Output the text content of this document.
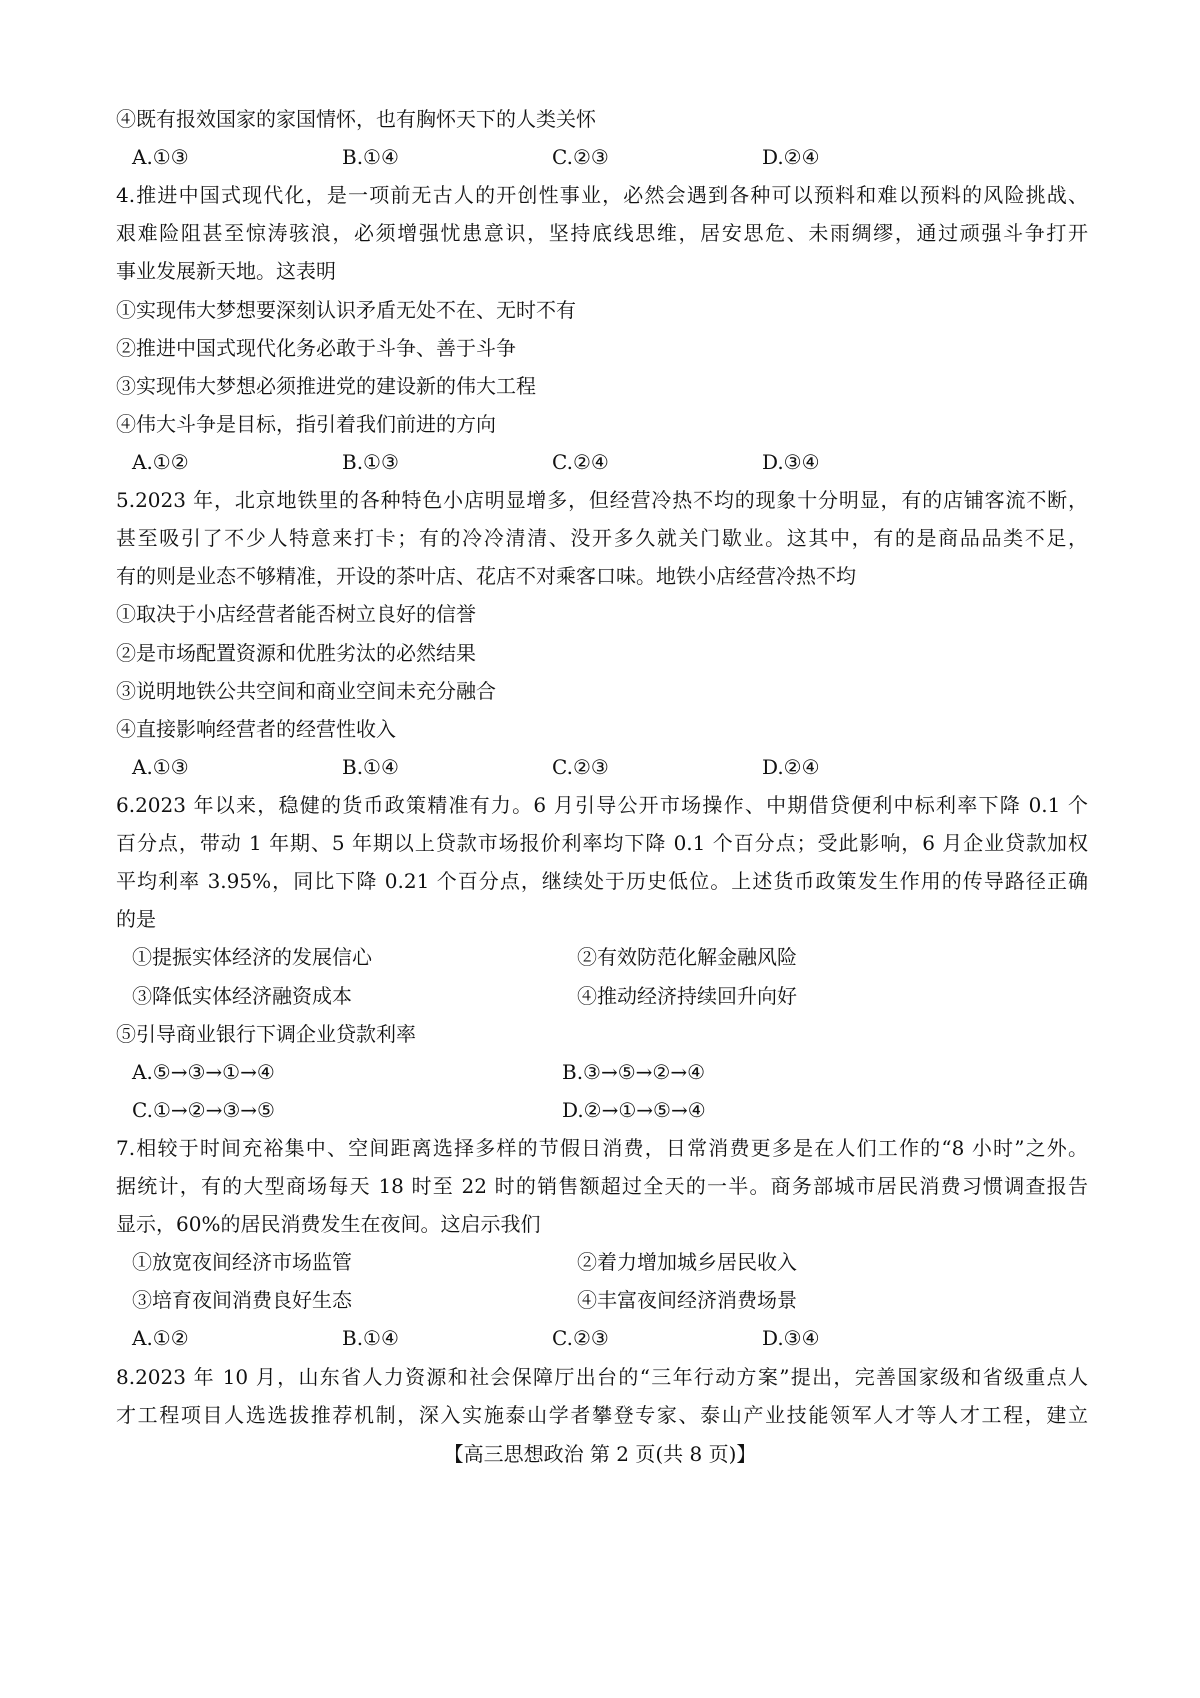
④既有报效国家的家国情怀，也有胸怀天下的人类关怀
A.①③	B.①④	C.②③	D.②④
4.推进中国式现代化，是一项前无古人的开创性事业，必然会遇到各种可以预料和难以预料的风险挑战、
艰难险阻甚至惊涛骇浪，必须增强忧患意识，坚持底线思维，居安思危、未雨绸缪，通过顽强斗争打开
事业发展新天地。这表明
①实现伟大梦想要深刻认识矛盾无处不在、无时不有
②推进中国式现代化务必敢于斗争、善于斗争
③实现伟大梦想必须推进党的建设新的伟大工程
④伟大斗争是目标，指引着我们前进的方向
A.①②	B.①③	C.②④	D.③④
5.2023 年，北京地铁里的各种特色小店明显增多，但经营冷热不均的现象十分明显，有的店铺客流不断，
甚至吸引了不少人特意来打卡；有的冷冷清清、没开多久就关门歇业。这其中，有的是商品品类不足，
有的则是业态不够精准，开设的茶叶店、花店不对乘客口味。地铁小店经营冷热不均
①取决于小店经营者能否树立良好的信誉
②是市场配置资源和优胜劣汰的必然结果
③说明地铁公共空间和商业空间未充分融合
④直接影响经营者的经营性收入
A.①③	B.①④	C.②③	D.②④
6.2023 年以来，稳健的货币政策精准有力。6 月引导公开市场操作、中期借贷便利中标利率下降 0.1 个
百分点，带动 1 年期、5 年期以上贷款市场报价利率均下降 0.1 个百分点；受此影响，6 月企业贷款加权
平均利率 3.95%，同比下降 0.21 个百分点，继续处于历史低位。上述货币政策发生作用的传导路径正确
的是
①提振实体经济的发展信心	②有效防范化解金融风险
③降低实体经济融资成本	④推动经济持续回升向好
⑤引导商业银行下调企业贷款利率
A.⑤→③→①→④	B.③→⑤→②→④
C.①→②→③→⑤	D.②→①→⑤→④
7.相较于时间充裕集中、空间距离选择多样的节假日消费，日常消费更多是在人们工作的“8 小时”之外。
据统计，有的大型商场每天 18 时至 22 时的销售额超过全天的一半。商务部城市居民消费习惯调查报告
显示，60%的居民消费发生在夜间。这启示我们
①放宽夜间经济市场监管	②着力增加城乡居民收入
③培育夜间消费良好生态	④丰富夜间经济消费场景
A.①②	B.①④	C.②③	D.③④
8.2023 年 10 月，山东省人力资源和社会保障厅出台的“三年行动方案”提出，完善国家级和省级重点人
才工程项目人选选拔推荐机制，深入实施泰山学者攀登专家、泰山产业技能领军人才等人才工程，建立
【高三思想政治 第 2 页(共 8 页)】
